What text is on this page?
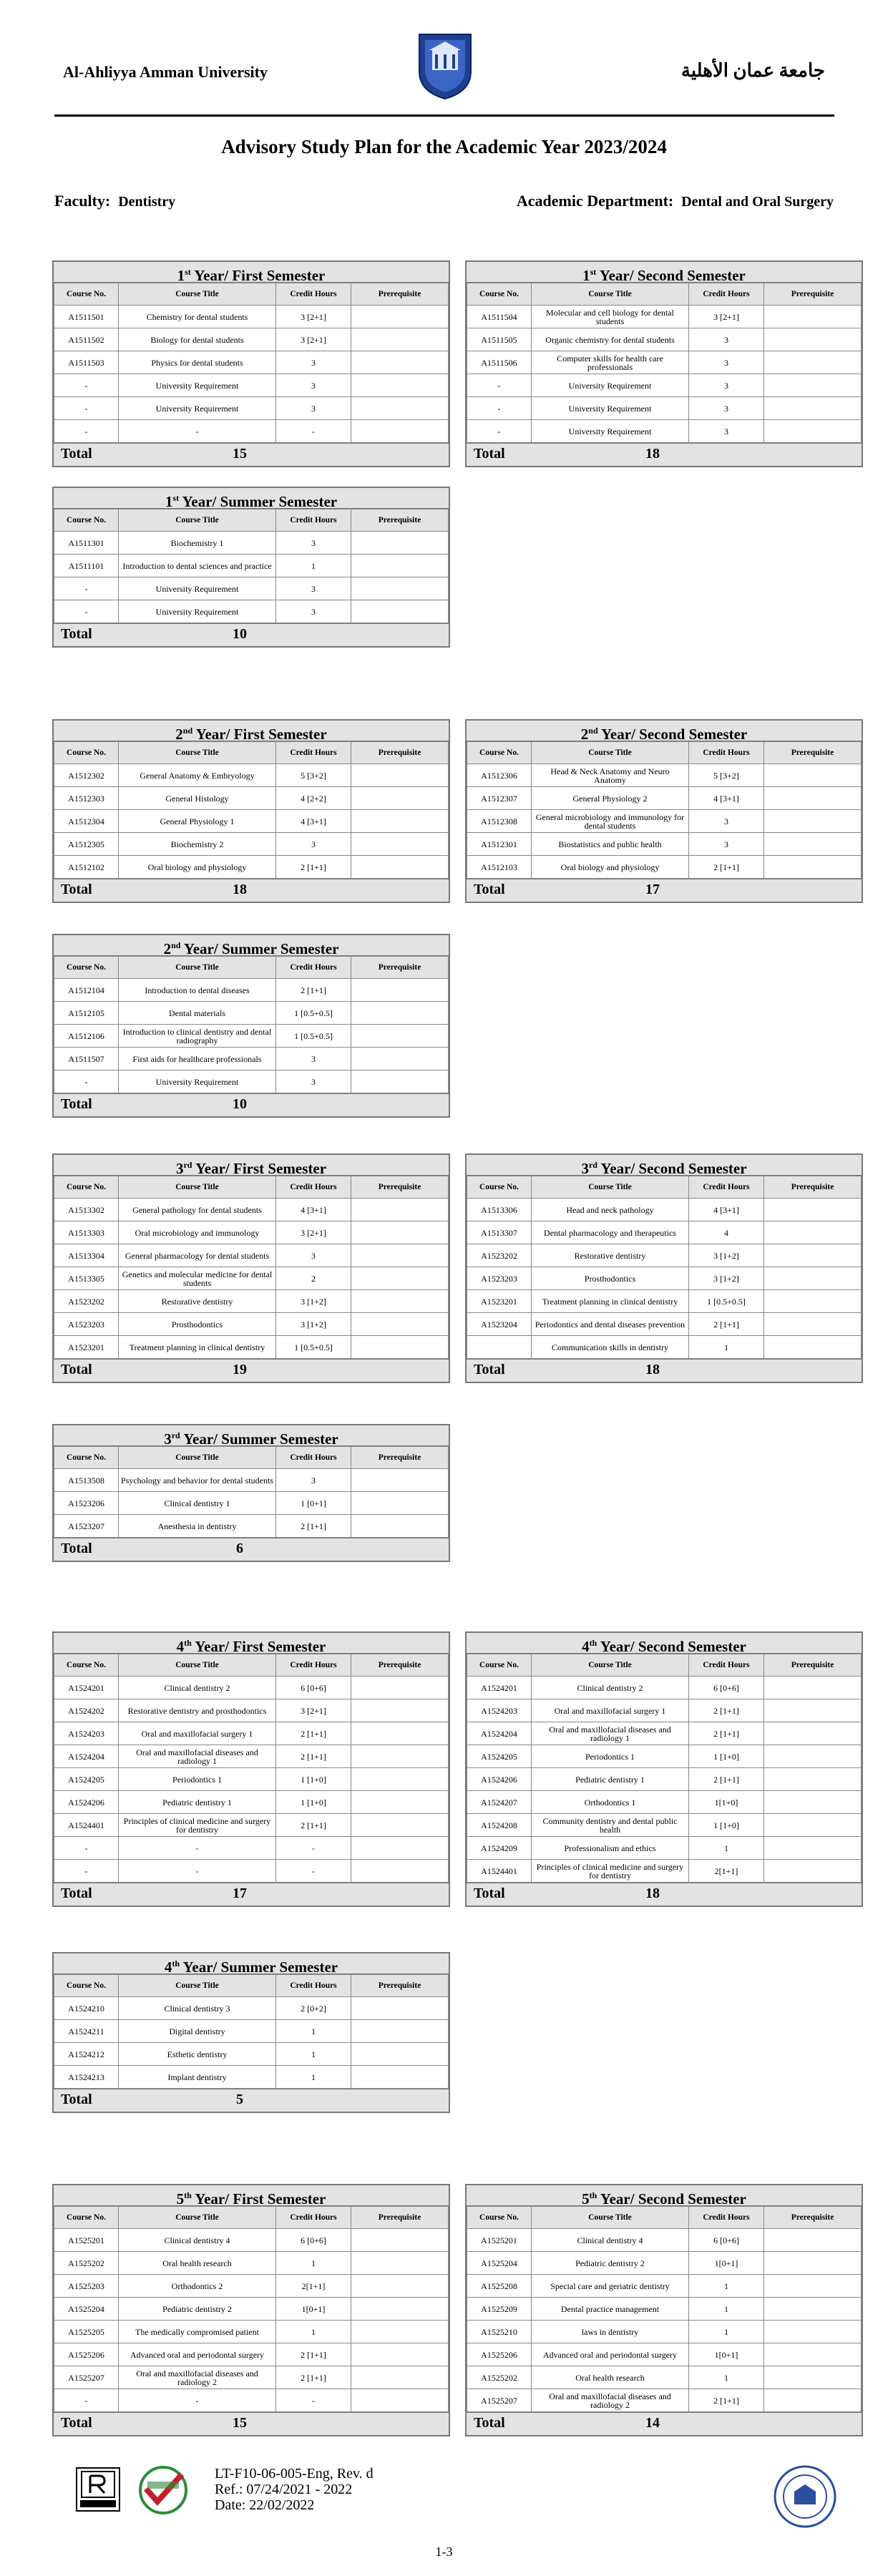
Al-Ahliyya Amman University	جامعة عمان الأهلية
Advisory Study Plan for the Academic Year 2023/2024
Faculty: Dentistry	Academic Department: Dental and Oral Surgery
1st Year/ First Semester
Course No.	Course Title	Credit Hours	Prerequisite
A1511501	Chemistry for dental students	3 [2+1]	
A1511502	Biology for dental students	3 [2+1]	
A1511503	Physics for dental students	3	
-	University Requirement	3	
-	University Requirement	3	
-	-	-	
Total	15
1st Year/ Second Semester
Course No.	Course Title	Credit Hours	Prerequisite
A1511504	Molecular and cell biology for dental students	3 [2+1]	
A1511505	Organic chemistry for dental students	3	
A1511506	Computer skills for health care professionals	3	
-	University Requirement	3	
-	University Requirement	3	
-	University Requirement	3	
Total	18
1st Year/ Summer Semester
Course No.	Course Title	Credit Hours	Prerequisite
A1511301	Biochemistry 1	3	
A1511101	Introduction to dental sciences and practice	1	
-	University Requirement	3	
-	University Requirement	3	
Total	10
2nd Year/ First Semester
Course No.	Course Title	Credit Hours	Prerequisite
A1512302	General Anatomy & Embryology	5 [3+2]	
A1512303	General Histology	4 [2+2]	
A1512304	General Physiology 1	4 [3+1]	
A1512305	Biochemistry 2	3	
A1512102	Oral biology and physiology	2 [1+1]	
Total	18
2nd Year/ Second Semester
Course No.	Course Title	Credit Hours	Prerequisite
A1512306	Head & Neck Anatomy and Neuro Anatomy	5 [3+2]	
A1512307	General Physiology 2	4 [3+1]	
A1512308	General microbiology and immunology for dental students	3	
A1512301	Biostatistics and public health	3	
A1512103	Oral biology and physiology	2 [1+1]	
Total	17
2nd Year/ Summer Semester
Course No.	Course Title	Credit Hours	Prerequisite
A1512104	Introduction to dental diseases	2 [1+1]	
A1512105	Dental materials	1 [0.5+0.5]	
A1512106	Introduction to clinical dentistry and dental radiography	1 [0.5+0.5]	
A1511507	First aids for healthcare professionals	3	
-	University Requirement	3	
Total	10
3rd Year/ First Semester
Course No.	Course Title	Credit Hours	Prerequisite
A1513302	General pathology for dental students	4 [3+1]	
A1513303	Oral microbiology and immunology	3 [2+1]	
A1513304	General pharmacology for dental students	3	
A1513305	Genetics and molecular medicine for dental students	2	
A1523202	Restorative dentistry	3 [1+2]	
A1523203	Prosthodontics	3 [1+2]	
A1523201	Treatment planning in clinical dentistry	1 [0.5+0.5]	
Total	19
3rd Year/ Second Semester
Course No.	Course Title	Credit Hours	Prerequisite
A1513306	Head and neck pathology	4 [3+1]	
A1513307	Dental pharmacology and therapeutics	4	
A1523202	Restorative dentistry	3 [1+2]	
A1523203	Prosthodontics	3 [1+2]	
A1523201	Treatment planning in clinical dentistry	1 [0.5+0.5]	
A1523204	Periodontics and dental diseases prevention	2 [1+1]	
	Communication skills in dentistry	1	
Total	18
3rd Year/ Summer Semester
Course No.	Course Title	Credit Hours	Prerequisite
A1513508	Psychology and behavior for dental students	3	
A1523206	Clinical dentistry 1	1 [0+1]	
A1523207	Anesthesia in dentistry	2 [1+1]	
Total	6
4th Year/ First Semester
Course No.	Course Title	Credit Hours	Prerequisite
A1524201	Clinical dentistry 2	6 [0+6]	
A1524202	Restorative dentistry and prosthodontics	3 [2+1]	
A1524203	Oral and maxillofacial surgery 1	2 [1+1]	
A1524204	Oral and maxillofacial diseases and radiology 1	2 [1+1]	
A1524205	Periodontics 1	1 [1+0]	
A1524206	Pediatric dentistry 1	1 [1+0]	
A1524401	Principles of clinical medicine and surgery for dentistry	2 [1+1]	
-	-	-	
-	-	-	
Total	17
4th Year/ Second Semester
Course No.	Course Title	Credit Hours	Prerequisite
A1524201	Clinical dentistry 2	6 [0+6]	
A1524203	Oral and maxillofacial surgery 1	2 [1+1]	
A1524204	Oral and maxillofacial diseases and radiology 1	2 [1+1]	
A1524205	Periodontics 1	1 [1+0]	
A1524206	Pediatric dentistry 1	2 [1+1]	
A1524207	Orthodontics 1	1[1+0]	
A1524208	Community dentistry and dental public health	1 [1+0]	
A1524209	Professionalism and ethics	1	
A1524401	Principles of clinical medicine and surgery for dentistry	2[1+1]	
Total	18
4th Year/ Summer Semester
Course No.	Course Title	Credit Hours	Prerequisite
A1524210	Clinical dentistry 3	2 [0+2]	
A1524211	Digital dentistry	1	
A1524212	Esthetic dentistry	1	
A1524213	Implant dentistry	1	
Total	5
5th Year/ First Semester
Course No.	Course Title	Credit Hours	Prerequisite
A1525201	Clinical dentistry 4	6 [0+6]	
A1525202	Oral health research	1	
A1525203	Orthodontics 2	2[1+1]	
A1525204	Pediatric dentistry 2	1[0+1]	
A1525205	The medically compromised patient	1	
A1525206	Advanced oral and periodontal surgery	2 [1+1]	
A1525207	Oral and maxillofacial diseases and radiology 2	2 [1+1]	
-	-	-	
Total	15
5th Year/ Second Semester
Course No.	Course Title	Credit Hours	Prerequisite
A1525201	Clinical dentistry 4	6 [0+6]	
A1525204	Pediatric dentistry 2	1[0+1]	
A1525208	Special care and geriatric dentistry	1	
A1525209	Dental practice management	1	
A1525210	laws in dentistry	1	
A1525206	Advanced oral and periodontal surgery	1[0+1]	
A1525202	Oral health research	1	
A1525207	Oral and maxillofacial diseases and radiology 2	2 [1+1]	
Total	14
LT-F10-06-005-Eng, Rev. d
Ref.: 07/24/2021 - 2022
Date: 22/02/2022
1-3
